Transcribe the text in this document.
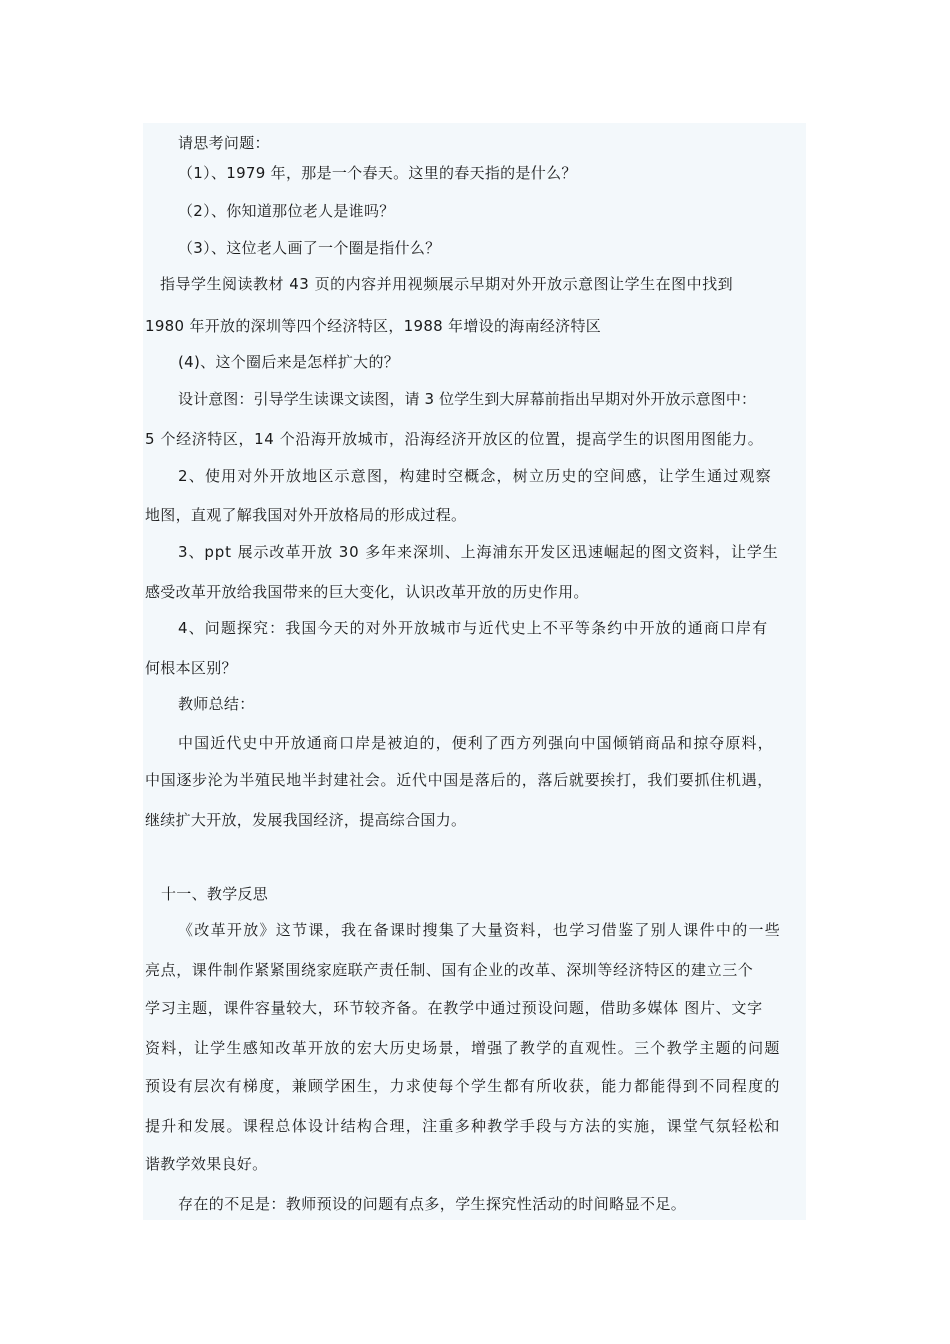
请思考问题：
（1）、1979 年，那是一个春天。这里的春天指的是什么？
（2）、你知道那位老人是谁吗？
（3）、这位老人画了一个圈是指什么？
指导学生阅读教材 43 页的内容并用视频展示早期对外开放示意图让学生在图中找到
1980 年开放的深圳等四个经济特区，1988 年增设的海南经济特区
(4)、这个圈后来是怎样扩大的？
设计意图：引导学生读课文读图，请 3 位学生到大屏幕前指出早期对外开放示意图中：
5 个经济特区，14 个沿海开放城市，沿海经济开放区的位置，提高学生的识图用图能力。
2、使用对外开放地区示意图，构建时空概念，树立历史的空间感，让学生通过观察
地图，直观了解我国对外开放格局的形成过程。
3、ppt 展示改革开放 30 多年来深圳、上海浦东开发区迅速崛起的图文资料，让学生
感受改革开放给我国带来的巨大变化，认识改革开放的历史作用。
4、问题探究：我国今天的对外开放城市与近代史上不平等条约中开放的通商口岸有
何根本区别？
教师总结：
中国近代史中开放通商口岸是被迫的，便利了西方列强向中国倾销商品和掠夺原料，
中国逐步沦为半殖民地半封建社会。近代中国是落后的，落后就要挨打，我们要抓住机遇，
继续扩大开放，发展我国经济，提高综合国力。
十一、教学反思
《改革开放》这节课，我在备课时搜集了大量资料，也学习借鉴了别人课件中的一些
亮点，课件制作紧紧围绕家庭联产责任制、国有企业的改革、深圳等经济特区的建立三个
学习主题，课件容量较大，环节较齐备。在教学中通过预设问题，借助多媒体 图片、文字
资料，让学生感知改革开放的宏大历史场景，增强了教学的直观性。三个教学主题的问题
预设有层次有梯度，兼顾学困生，力求使每个学生都有所收获，能力都能得到不同程度的
提升和发展。课程总体设计结构合理，注重多种教学手段与方法的实施，课堂气氛轻松和
谐教学效果良好。
存在的不足是：教师预设的问题有点多，学生探究性活动的时间略显不足。
